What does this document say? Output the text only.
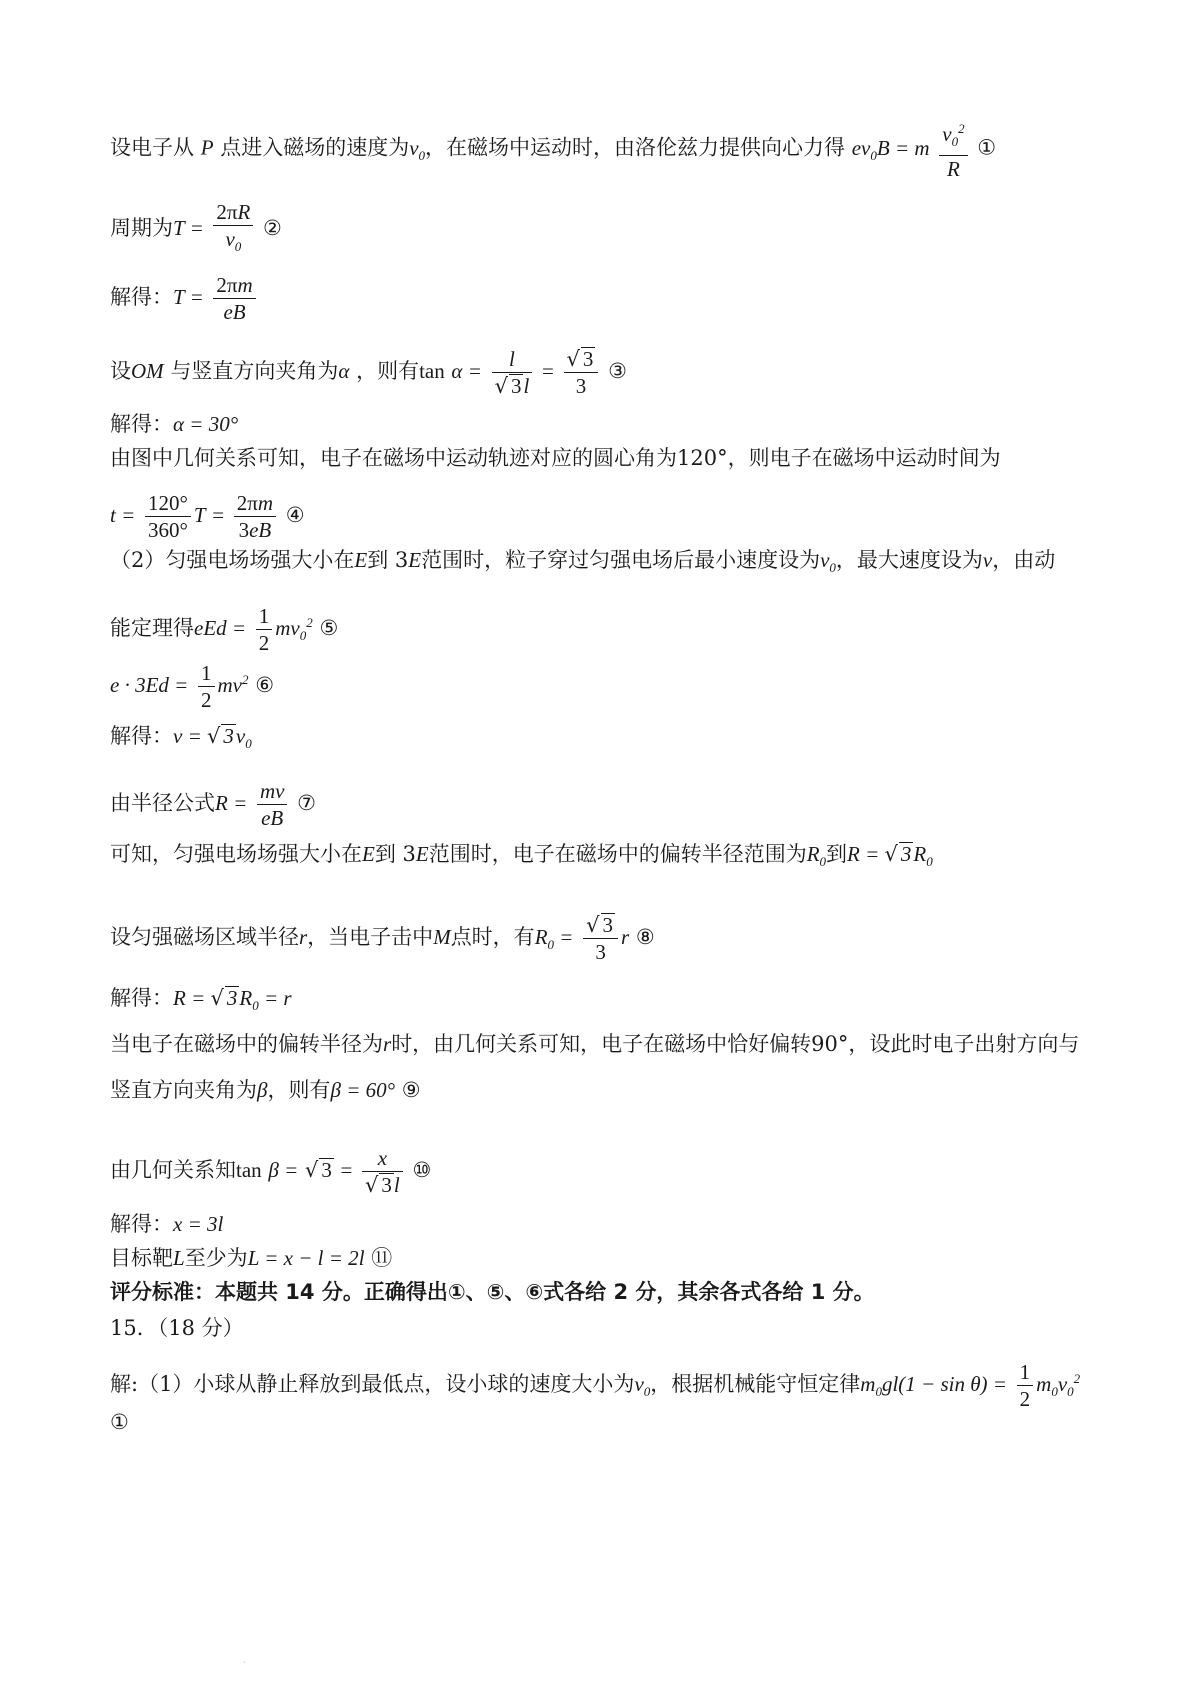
设电子从 P 点进入磁场的速度为$v_0$，在磁场中运动时，由洛伦兹力提供向心力得 $ev_0B = m \frac{v_0^2}{R}$ ①
周期为$T = \frac{2\pi R}{v_0}$ ②
解得：$T = \frac{2\pi m}{eB}$
设OM 与竖直方向夹角为α ，则有$\tan \alpha = \frac{l}{√ 3l} = \frac{√ 3}{3}$ ③
解得：α = 30°
由图中几何关系可知，电子在磁场中运动轨迹对应的圆心角为120°，则电子在磁场中运动时间为
$t = \frac{120^\circ}{360^\circ}$ $T = \frac{2\pi m}{3eB}$ ④
（2）匀强电场场强大小在E到 3E范围时，粒子穿过匀强电场后最小速度设为$v_0$，最大速度设为v，由动
能定理得eEd = $\frac{1}{2} mv_0^2$ ⑤
$e \cdot 3Ed = \frac{1}{2} mv^2$ ⑥
解得：v = √ $3v_0$
由半径公式$R = \frac{mv}{eB}$ ⑦
可知，匀强电场场强大小在E到 3E范围时，电子在磁场中的偏转半径范围为$R_0$到R = √ $3R_0$
设匀强磁场区域半径r，当电子击中M点时，有$R_0 = \frac{√ 3}{3}$ r ⑧
解得：R = √ $3R_0 = r$
当电子在磁场中的偏转半径为r时，由几何关系可知，电子在磁场中恰好偏转90°，设此时电子出射方向与
竖直方向夹角为β，则有β = 60° ⑨
由几何关系知tan β = √ $3 = \frac{x}{√ 3l}$ ⑩
解得：x = 3l
目标靶L至少为L = x − l = 2l ⑪
评分标准：本题共 14 分。正确得出①、⑤、⑥式各给 2 分，其余各式各给 1 分。
15．（18 分）
解:（1）小球从静止释放到最低点，设小球的速度大小为$v_0$，根据机械能守恒定律$m_0gl(1 - \sin \theta) = \frac{1}{2} m_0v_0^2$
①
·
